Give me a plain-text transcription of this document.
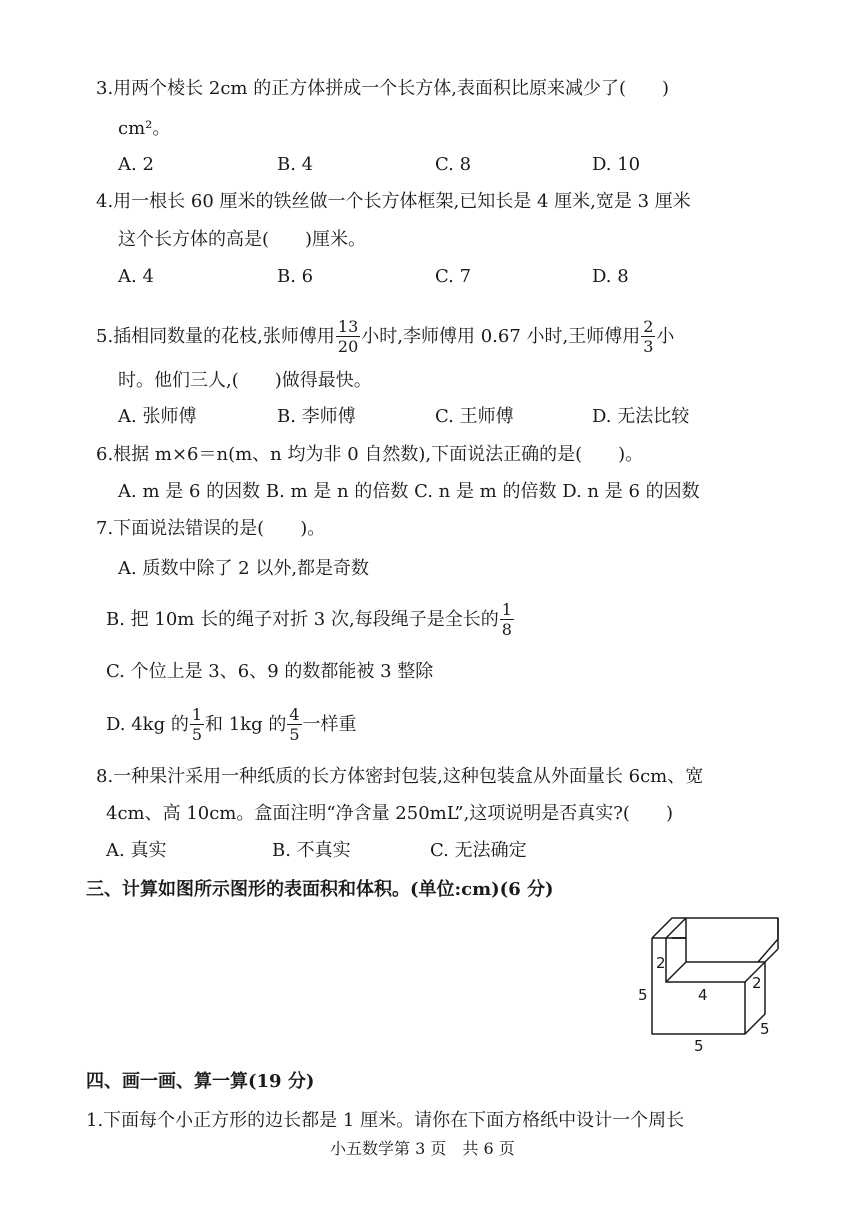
3.用两个棱长 2cm 的正方体拼成一个长方体,表面积比原来减少了(　　)
cm²。
A. 2	B. 4	C. 8	D. 10
4.用一根长 60 厘米的铁丝做一个长方体框架,已知长是 4 厘米,宽是 3 厘米
这个长方体的高是(　　)厘米。
A. 4	B. 6	C. 7	D. 8
5.插相同数量的花枝,张师傅用 $\frac{13}{20}$ 小时,李师傅用 0.67 小时,王师傅用 $\frac{2}{3}$ 小
时。他们三人,(　　)做得最快。
A. 张师傅	B. 李师傅	C. 王师傅	D. 无法比较
6.根据 m×6＝n(m、n 均为非 0 自然数),下面说法正确的是(　　)。
A. m 是 6 的因数 B. m 是 n 的倍数 C. n 是 m 的倍数 D. n 是 6 的因数
7.下面说法错误的是(　　)。
A. 质数中除了 2 以外,都是奇数
B. 把 10m 长的绳子对折 3 次,每段绳子是全长的 $\frac{1}{8}$
C. 个位上是 3、6、9 的数都能被 3 整除
D. 4kg 的 $\frac{1}{5}$ 和 1kg 的 $\frac{4}{5}$ 一样重
8.一种果汁采用一种纸质的长方体密封包装,这种包装盒从外面量长 6cm、宽
4cm、高 10cm。盒面注明“净含量 250mL”,这项说明是否真实?(　　)
A. 真实	B. 不真实	C. 无法确定
三、计算如图所示图形的表面积和体积。(单位:cm)(6 分)
2
2
5	4
5
5
四、画一画、算一算(19 分)
1.下面每个小正方形的边长都是 1 厘米。请你在下面方格纸中设计一个周长
小五数学第 3 页　共 6 页
